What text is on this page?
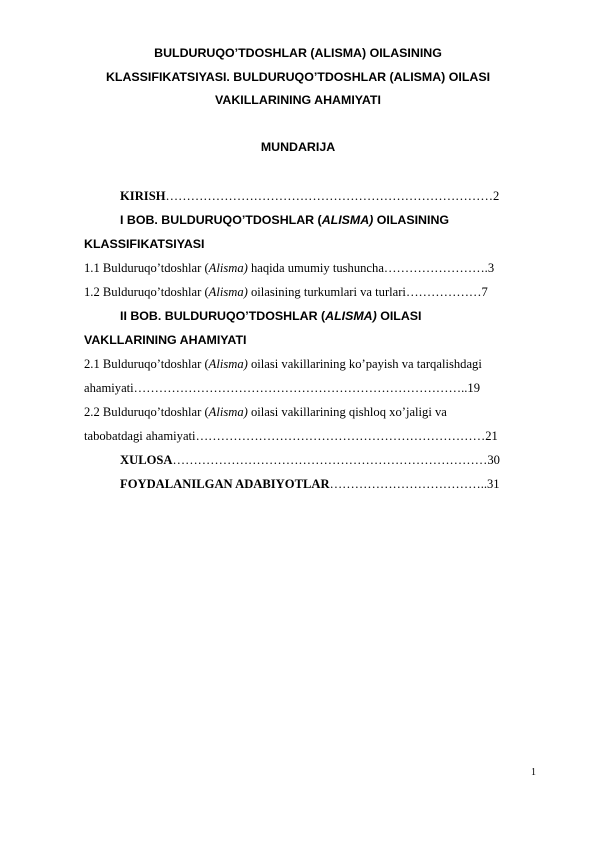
BULDURUQO’TDOSHLAR (ALISMA) OILASINING
KLASSIFIKATSIYASI. BULDURUQO’TDOSHLAR (ALISMA) OILASI
VAKILLARINING AHAMIYATI
MUNDARIJA
KIRISH……………………………………………………………………2
I BOB. BULDURUQO’TDOSHLAR (ALISMA) OILASINING
KLASSIFIKATSIYASI
1.1 Bulduruqo’tdoshlar (Alisma) haqida umumiy tushuncha…………………….3
1.2 Bulduruqo’tdoshlar (Alisma) oilasining turkumlari va turlari………………7
II BOB. BULDURUQO’TDOSHLAR (ALISMA) OILASI
VAKLLARINING AHAMIYATI
2.1 Bulduruqo’tdoshlar (Alisma) oilasi vakillarining ko’payish va tarqalishdagi
ahamiyati……………………………………………………………………..19
2.2 Bulduruqo’tdoshlar (Alisma) oilasi vakillarining qishloq xo’jaligi va
tabobatdagi ahamiyati……………………………………………………………21
XULOSA…………………………………………………………………30
FOYDALANILGAN ADABIYOTLAR………………………………..31
1
